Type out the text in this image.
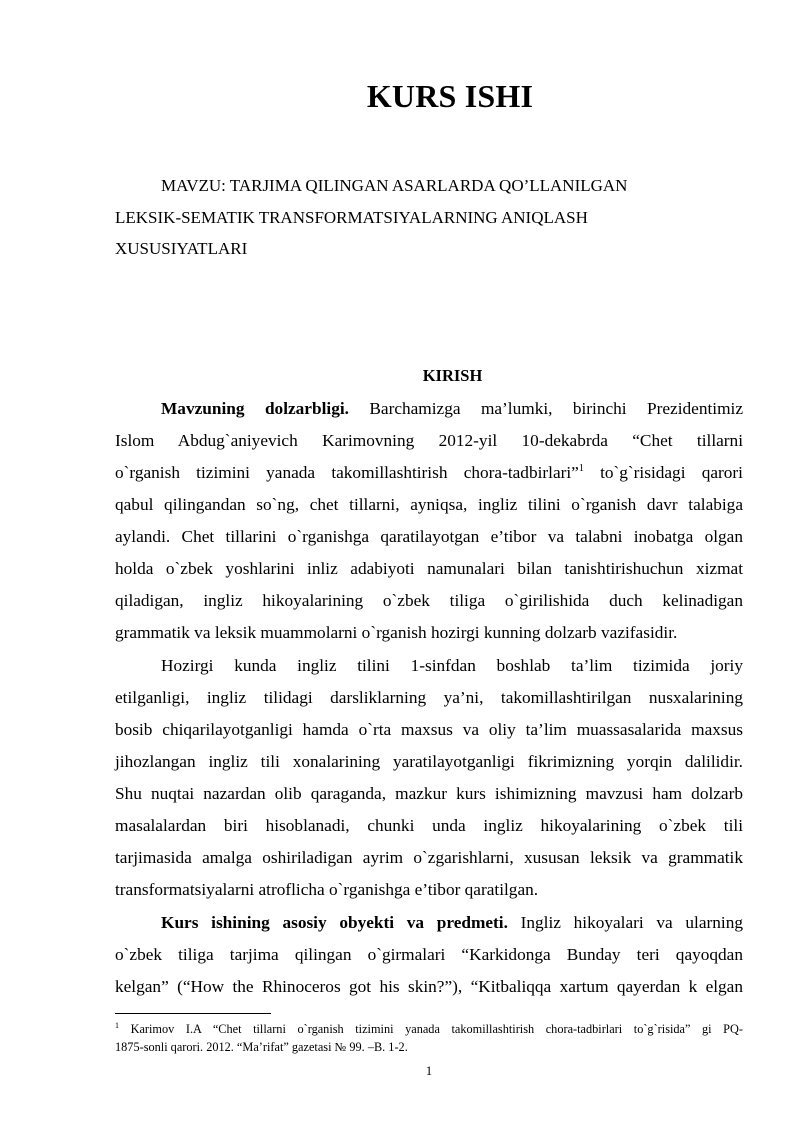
KURS ISHI
MAVZU: TARJIMA QILINGAN ASARLARDA QO’LLANILGAN
LEKSIK-SEMATIK TRANSFORMATSIYALARNING ANIQLASH
XUSUSIYATLARI
KIRISH
Mavzuning dolzarbligi. Barchamizga ma’lumki, birinchi Prezidentimiz
Islom Abdug`aniyevich Karimovning 2012-yil 10-dekabrda “Chet tillarni
o`rganish tizimini yanada takomillashtirish chora-tadbirlari”$^1$ to`g`risidagi qarori
qabul qilingandan so`ng, chet tillarni, ayniqsa, ingliz tilini o`rganish davr talabiga
aylandi. Chet tillarini o`rganishga qaratilayotgan e’tibor va talabni inobatga olgan
holda o`zbek yoshlarini inliz adabiyoti namunalari bilan tanishtirishuchun xizmat
qiladigan, ingliz hikoyalarining o`zbek tiliga o`girilishida duch kelinadigan
grammatik va leksik muammolarni o`rganish hozirgi kunning dolzarb vazifasidir.
Hozirgi kunda ingliz tilini 1-sinfdan boshlab ta’lim tizimida joriy
etilganligi, ingliz tilidagi darsliklarning ya’ni, takomillashtirilgan nusxalarining
bosib chiqarilayotganligi hamda o`rta maxsus va oliy ta’lim muassasalarida maxsus
jihozlangan ingliz tili xonalarining yaratilayotganligi fikrimizning yorqin dalilidir.
Shu nuqtai nazardan olib qaraganda, mazkur kurs ishimizning mavzusi ham dolzarb
masalalardan biri hisoblanadi, chunki unda ingliz hikoyalarining o`zbek tili
tarjimasida amalga oshiriladigan ayrim o`zgarishlarni, xususan leksik va grammatik
transformatsiyalarni atroflicha o`rganishga e’tibor qaratilgan.
Kurs ishining asosiy obyekti va predmeti. Ingliz hikoyalari va ularning
o`zbek tiliga tarjima qilingan o`girmalari “Karkidonga Bunday teri qayoqdan
kelgan” (“How the Rhinoceros got his skin?”), “Kitbaliqqa xartum qayerdan k elgan
$^1$ Karimov I.A “Chet tillarni o`rganish tizimini yanada takomillashtirish chora-tadbirlari to`g`risida” gi PQ-
1875-sonli qarori. 2012. “Ma’rifat” gazetasi № 99. –B. 1-2.
1
